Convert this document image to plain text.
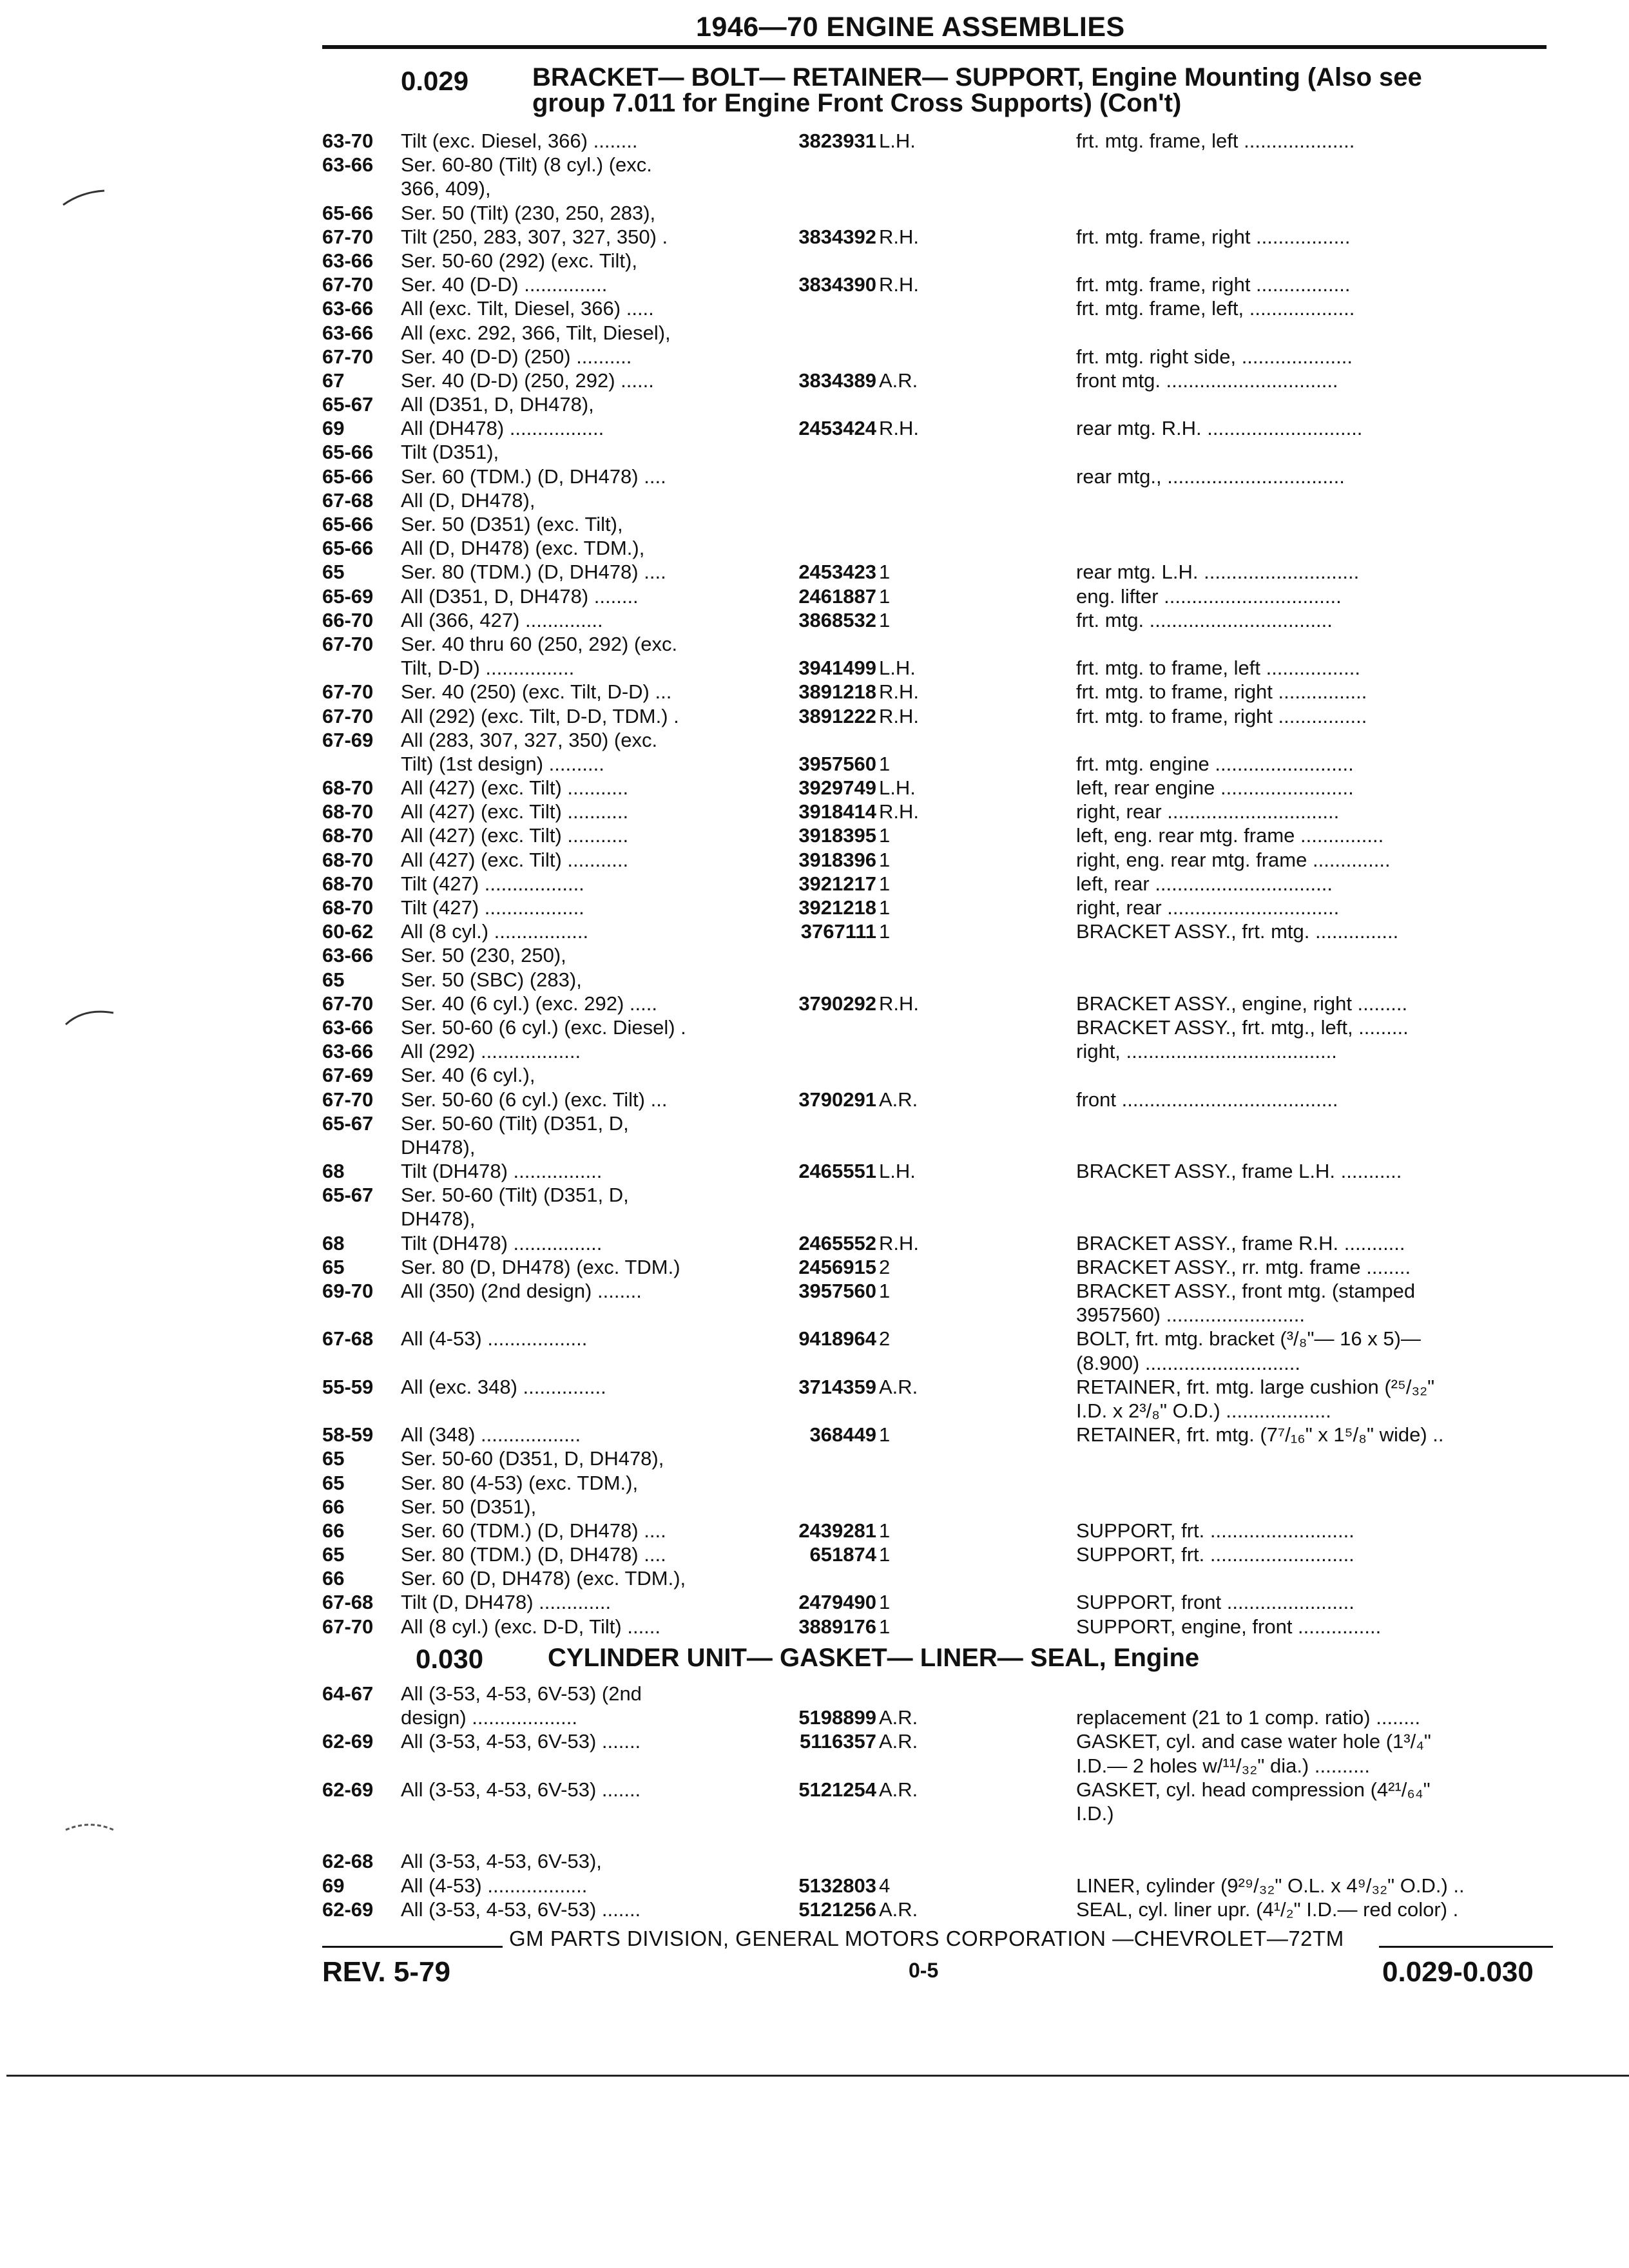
1946—70 ENGINE ASSEMBLIES
0.029 BRACKET— BOLT— RETAINER— SUPPORT, Engine Mounting (Also see
group 7.011 for Engine Front Cross Supports) (Con't)
63-70 Tilt (exc. Diesel, 366) ........	3823931 L.H.	frt. mtg. frame, left ....................
63-66 Ser. 60-80 (Tilt) (8 cyl.) (exc.
366, 409),
65-66 Ser. 50 (Tilt) (230, 250, 283),
67-70 Tilt (250, 283, 307, 327, 350) .	3834392 R.H.	frt. mtg. frame, right .................
63-66 Ser. 50-60 (292) (exc. Tilt),
67-70 Ser. 40 (D-D) ...............	3834390 R.H.	frt. mtg. frame, right .................
63-66 All (exc. Tilt, Diesel, 366) .....	frt. mtg. frame, left, ...................
63-66 All (exc. 292, 366, Tilt, Diesel),
67-70 Ser. 40 (D-D) (250) ..........	frt. mtg. right side, ....................
67	Ser. 40 (D-D) (250, 292) ......	3834389 A.R.	front mtg. ...............................
65-67 All (D351, D, DH478),
69	All (DH478) .................	2453424 R.H.	rear mtg. R.H. ............................
65-66 Tilt (D351),
65-66 Ser. 60 (TDM.) (D, DH478) ....	rear mtg., ................................
67-68 All (D, DH478),
65-66 Ser. 50 (D351) (exc. Tilt),
65-66 All (D, DH478) (exc. TDM.),
65	Ser. 80 (TDM.) (D, DH478) ....	2453423 1	rear mtg. L.H. ............................
65-69 All (D351, D, DH478) ........	2461887 1	eng. lifter ................................
66-70 All (366, 427) ..............	3868532 1	frt. mtg. .................................
67-70 Ser. 40 thru 60 (250, 292) (exc.
Tilt, D-D) ................	3941499 L.H.	frt. mtg. to frame, left .................
67-70 Ser. 40 (250) (exc. Tilt, D-D) ...	3891218 R.H.	frt. mtg. to frame, right ................
67-70 All (292) (exc. Tilt, D-D, TDM.) .	3891222 R.H.	frt. mtg. to frame, right ................
67-69 All (283, 307, 327, 350) (exc.
Tilt) (1st design) ..........	3957560 1	frt. mtg. engine .........................
68-70 All (427) (exc. Tilt) ...........	3929749 L.H.	left, rear engine ........................
68-70 All (427) (exc. Tilt) ...........	3918414 R.H.	right, rear ...............................
68-70 All (427) (exc. Tilt) ...........	3918395 1	left, eng. rear mtg. frame ...............
68-70 All (427) (exc. Tilt) ...........	3918396 1	right, eng. rear mtg. frame ..............
68-70 Tilt (427) ..................	3921217 1	left, rear ................................
68-70 Tilt (427) ..................	3921218 1	right, rear ...............................
60-62 All (8 cyl.) .................	3767111 1	BRACKET ASSY., frt. mtg. ...............
63-66 Ser. 50 (230, 250),
65	Ser. 50 (SBC) (283),
67-70 Ser. 40 (6 cyl.) (exc. 292) .....	3790292 R.H.	BRACKET ASSY., engine, right .........
63-66 Ser. 50-60 (6 cyl.) (exc. Diesel) .	BRACKET ASSY., frt. mtg., left, .........
63-66 All (292) ..................	right, ......................................
67-69 Ser. 40 (6 cyl.),
67-70 Ser. 50-60 (6 cyl.) (exc. Tilt) ...	3790291 A.R.	front .......................................
65-67 Ser. 50-60 (Tilt) (D351, D,
DH478),
68	Tilt (DH478) ................	2465551 L.H.	BRACKET ASSY., frame L.H. ...........
65-67 Ser. 50-60 (Tilt) (D351, D,
DH478),
68	Tilt (DH478) ................	2465552 R.H.	BRACKET ASSY., frame R.H. ...........
65	Ser. 80 (D, DH478) (exc. TDM.)	2456915 2	BRACKET ASSY., rr. mtg. frame ........
69-70 All (350) (2nd design) ........	3957560 1	BRACKET ASSY., front mtg. (stamped
3957560) .........................
67-68 All (4-53) ..................	9418964 2	BOLT, frt. mtg. bracket (³/₈"— 16 x 5)—
(8.900) ............................
55-59 All (exc. 348) ...............	3714359 A.R.	RETAINER, frt. mtg. large cushion (²⁵/₃₂"
I.D. x 2³/₈" O.D.) ...................
58-59 All (348) ..................	368449 1	RETAINER, frt. mtg. (7⁷/₁₆" x 1⁵/₈" wide) ..
65	Ser. 50-60 (D351, D, DH478),
65	Ser. 80 (4-53) (exc. TDM.),
66	Ser. 50 (D351),
66	Ser. 60 (TDM.) (D, DH478) ....	2439281 1	SUPPORT, frt. ..........................
65	Ser. 80 (TDM.) (D, DH478) ....	651874 1	SUPPORT, frt. ..........................
66	Ser. 60 (D, DH478) (exc. TDM.),
67-68 Tilt (D, DH478) .............	2479490 1	SUPPORT, front .......................
67-70 All (8 cyl.) (exc. D-D, Tilt) ......	3889176 1	SUPPORT, engine, front ...............
0.030 CYLINDER UNIT— GASKET— LINER— SEAL, Engine
64-67 All (3-53, 4-53, 6V-53) (2nd
design) ...................	5198899 A.R.	replacement (21 to 1 comp. ratio) ........
62-69 All (3-53, 4-53, 6V-53) .......	5116357 A.R.	GASKET, cyl. and case water hole (1³/₄"
I.D.— 2 holes w/¹¹/₃₂" dia.) ..........
62-69 All (3-53, 4-53, 6V-53) .......	5121254 A.R.	GASKET, cyl. head compression (4²¹/₆₄"
I.D.)
62-68 All (3-53, 4-53, 6V-53),
69	All (4-53) ..................	5132803 4	LINER, cylinder (9²⁹/₃₂" O.L. x 4⁹/₃₂" O.D.) ..
62-69 All (3-53, 4-53, 6V-53) .......	5121256 A.R.	SEAL, cyl. liner upr. (4¹/₂" I.D.— red color) .
GM PARTS DIVISION, GENERAL MOTORS CORPORATION —CHEVROLET—72TM
REV. 5-79	0-5	0.029-0.030
